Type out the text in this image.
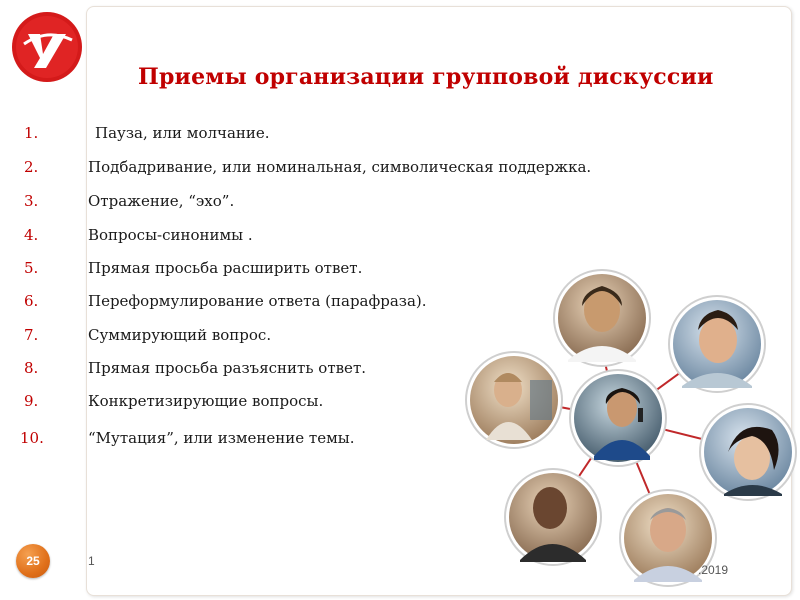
Приемы организации групповой дискуссии
1.	Пауза, или молчание.
2.	Подбадривание, или номинальная, символическая поддержка.
3.	Отражение, “эхо”.
4.	Вопросы-синонимы .
5.	Прямая просьба расширить ответ.
6.	Переформулирование ответа (парафраза).
7.	Суммирующий вопрос.
8.	Прямая просьба разъяснить ответ.
9.	Конкретизирующие вопросы.
10.	“Мутация”, или изменение темы.
25	1
.2019
